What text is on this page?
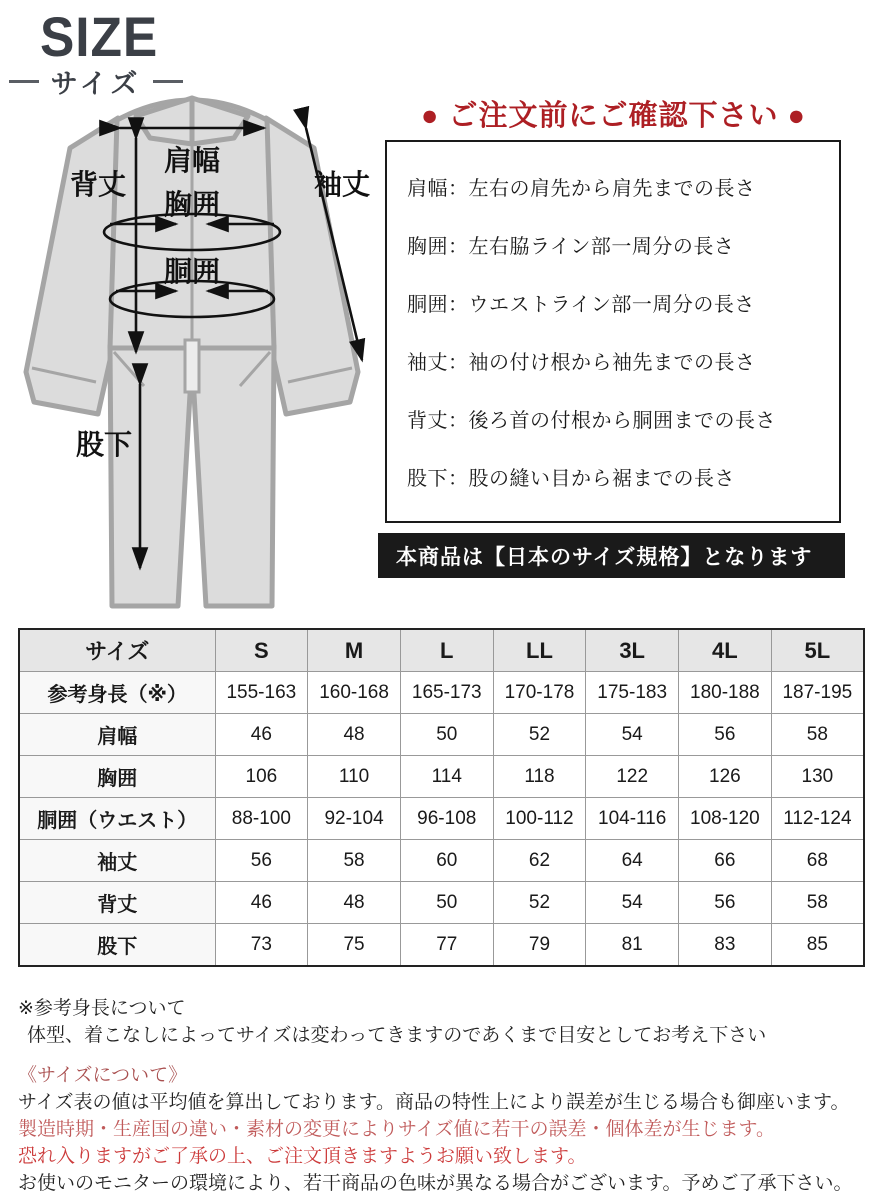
SIZE
サイズ
肩幅
背丈	袖丈
胸囲
胴囲
股下
● ご注文前にご確認下さい ●
肩幅：左右の肩先から肩先までの長さ
胸囲：左右脇ライン部一周分の長さ
胴囲：ウエストライン部一周分の長さ
袖丈：袖の付け根から袖先までの長さ
背丈：後ろ首の付根から胴囲までの長さ
股下：股の縫い目から裾までの長さ
本商品は【日本のサイズ規格】となります
サイズ	S	M	L	LL	3L	4L	5L
参考身長（※）	155-163	160-168	165-173	170-178	175-183	180-188	187-195
肩幅	46	48	50	52	54	56	58
胸囲	106	110	114	118	122	126	130
胴囲（ウエスト）	88-100	92-104	96-108	100-112	104-116	108-120	112-124
袖丈	56	58	60	62	64	66	68
背丈	46	48	50	52	54	56	58
股下	73	75	77	79	81	83	85
※参考身長について
体型、着こなしによってサイズは変わってきますのであくまで目安としてお考え下さい
《サイズについて》
サイズ表の値は平均値を算出しております。商品の特性上により誤差が生じる場合も御座います。
製造時期・生産国の違い・素材の変更によりサイズ値に若干の誤差・個体差が生じます。
恐れ入りますがご了承の上、ご注文頂きますようお願い致します。
お使いのモニターの環境により、若干商品の色味が異なる場合がございます。予めご了承下さい。
